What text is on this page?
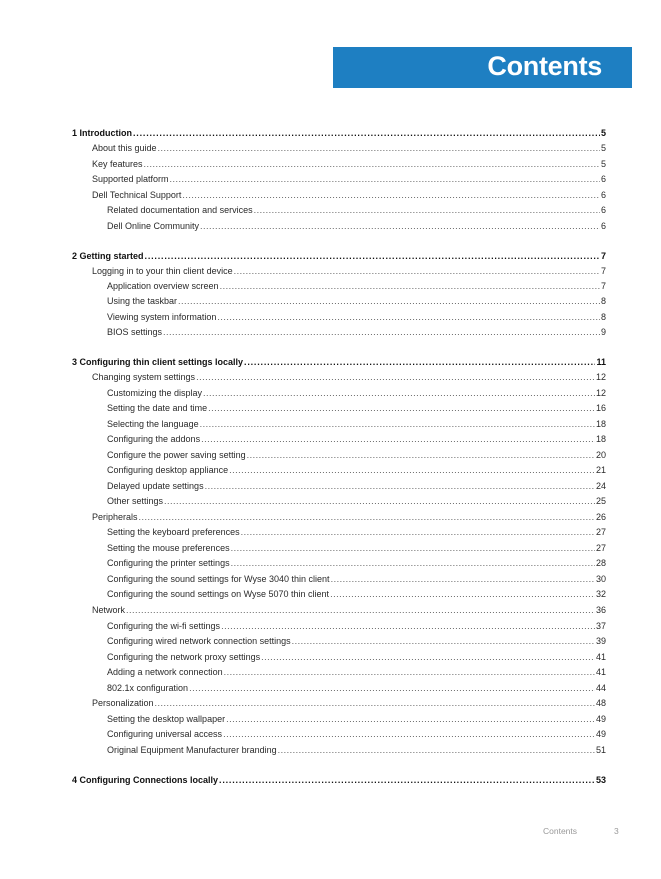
Contents
1 Introduction .....	5
About this guide .....	5
Key features .....	5
Supported platform .....	6
Dell Technical Support .....	6
Related documentation and services .....	6
Dell Online Community .....	6
2 Getting started .....	7
Logging in to your thin client device .....	7
Application overview screen .....	7
Using the taskbar .....	8
Viewing system information .....	8
BIOS settings .....	9
3 Configuring thin client settings locally .....	11
Changing system settings .....	12
Customizing the display .....	12
Setting the date and time .....	16
Selecting the language .....	18
Configuring the addons .....	18
Configure the power saving setting .....	20
Configuring desktop appliance .....	21
Delayed update settings .....	24
Other settings .....	25
Peripherals .....	26
Setting the keyboard preferences .....	27
Setting the mouse preferences .....	27
Configuring the printer settings .....	28
Configuring the sound settings for Wyse 3040 thin client .....	30
Configuring the sound settings on Wyse 5070 thin client .....	32
Network .....	36
Configuring the wi-fi settings .....	37
Configuring wired network connection settings .....	39
Configuring the network proxy settings .....	41
Adding a network connection .....	41
802.1x configuration .....	44
Personalization .....	48
Setting the desktop wallpaper .....	49
Configuring universal access .....	49
Original Equipment Manufacturer branding .....	51
4 Configuring Connections locally .....	53
Contents	3
